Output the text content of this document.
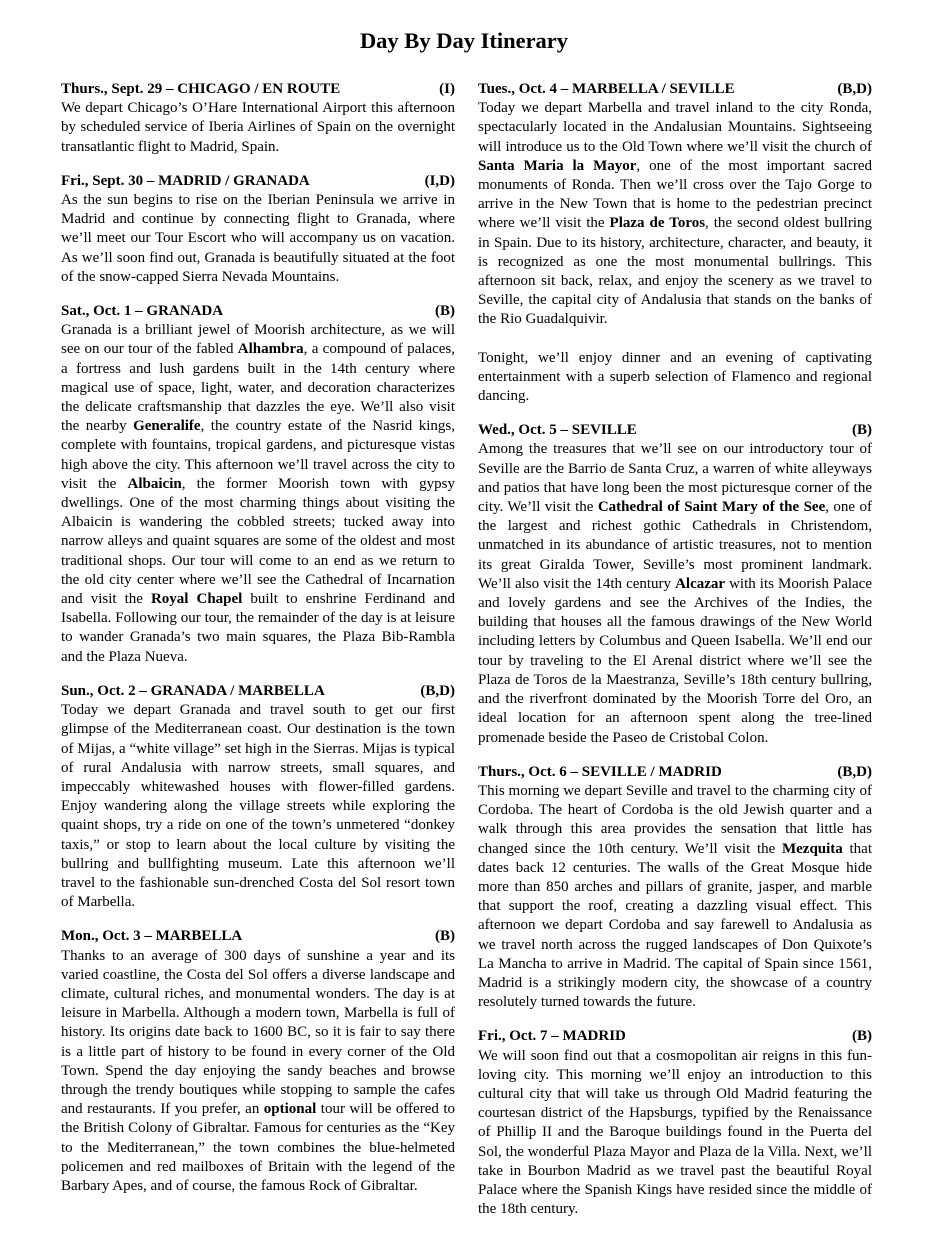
Day By Day Itinerary
Thurs., Sept. 29 – CHICAGO / EN ROUTE	(I)

We depart Chicago’s O’Hare International Airport this afternoon by scheduled service of Iberia Airlines of Spain on the overnight transatlantic flight to Madrid, Spain.

Fri., Sept. 30 – MADRID / GRANADA	(I,D)

As the sun begins to rise on the Iberian Peninsula we arrive in Madrid and continue by connecting flight to Granada, where we’ll meet our Tour Escort who will accompany us on vacation. As we’ll soon find out, Granada is beautifully situated at the foot of the snow-capped Sierra Nevada Mountains.

Sat., Oct. 1 – GRANADA	(B)

Granada is a brilliant jewel of Moorish architecture, as we will see on our tour of the fabled Alhambra, a compound of palaces, a fortress and lush gardens built in the 14th century where magical use of space, light, water, and decoration characterizes the delicate craftsmanship that dazzles the eye. We’ll also visit the nearby Generalife, the country estate of the Nasrid kings, complete with fountains, tropical gardens, and picturesque vistas high above the city. This afternoon we’ll travel across the city to visit the Albaicin, the former Moorish town with gypsy dwellings. One of the most charming things about visiting the Albaicin is wandering the cobbled streets; tucked away into narrow alleys and quaint squares are some of the oldest and most traditional shops. Our tour will come to an end as we return to the old city center where we’ll see the Cathedral of Incarnation and visit the Royal Chapel built to enshrine Ferdinand and Isabella. Following our tour, the remainder of the day is at leisure to wander Granada’s two main squares, the Plaza Bib-Rambla and the Plaza Nueva.

Sun., Oct. 2 – GRANADA / MARBELLA	(B,D)

Today we depart Granada and travel south to get our first glimpse of the Mediterranean coast. Our destination is the town of Mijas, a “white village” set high in the Sierras. Mijas is typical of rural Andalusia with narrow streets, small squares, and impeccably whitewashed houses with flower-filled gardens. Enjoy wandering along the village streets while exploring the quaint shops, try a ride on one of the town’s unmetered “donkey taxis,” or stop to learn about the local culture by visiting the bullring and bullfighting museum. Late this afternoon we’ll travel to the fashionable sun-drenched Costa del Sol resort town of Marbella.

Mon., Oct. 3 – MARBELLA	(B)

Thanks to an average of 300 days of sunshine a year and its varied coastline, the Costa del Sol offers a diverse landscape and climate, cultural riches, and monumental wonders. The day is at leisure in Marbella. Although a modern town, Marbella is full of history. Its origins date back to 1600 BC, so it is fair to say there is a little part of history to be found in every corner of the Old Town. Spend the day enjoying the sandy beaches and browse through the trendy boutiques while stopping to sample the cafes and restaurants. If you prefer, an optional tour will be offered to the British Colony of Gibraltar. Famous for centuries as the “Key to the Mediterranean,” the town combines the blue-helmeted policemen and red mailboxes of Britain with the legend of the Barbary Apes, and of course, the famous Rock of Gibraltar.

Tues., Oct. 4 – MARBELLA / SEVILLE	(B,D)

Today we depart Marbella and travel inland to the city Ronda, spectacularly located in the Andalusian Mountains. Sightseeing will introduce us to the Old Town where we’ll visit the church of Santa Maria la Mayor, one of the most important sacred monuments of Ronda. Then we’ll cross over the Tajo Gorge to arrive in the New Town that is home to the pedestrian precinct where we’ll visit the Plaza de Toros, the second oldest bullring in Spain. Due to its history, architecture, character, and beauty, it is recognized as one the most monumental bullrings. This afternoon sit back, relax, and enjoy the scenery as we travel to Seville, the capital city of Andalusia that stands on the banks of the Rio Guadalquivir.

Tonight, we’ll enjoy dinner and an evening of captivating entertainment with a superb selection of Flamenco and regional dancing.

Wed., Oct. 5 – SEVILLE	(B)

Among the treasures that we’ll see on our introductory tour of Seville are the Barrio de Santa Cruz, a warren of white alleyways and patios that have long been the most picturesque corner of the city. We’ll visit the Cathedral of Saint Mary of the See, one of the largest and richest gothic Cathedrals in Christendom, unmatched in its abundance of artistic treasures, not to mention its great Giralda Tower, Seville’s most prominent landmark. We’ll also visit the 14th century Alcazar with its Moorish Palace and lovely gardens and see the Archives of the Indies, the building that houses all the famous drawings of the New World including letters by Columbus and Queen Isabella. We’ll end our tour by traveling to the El Arenal district where we’ll see the Plaza de Toros de la Maestranza, Seville’s 18th century bullring, and the riverfront dominated by the Moorish Torre del Oro, an ideal location for an afternoon spent along the tree-lined promenade beside the Paseo de Cristobal Colon.

Thurs., Oct. 6 – SEVILLE / MADRID	(B,D)

This morning we depart Seville and travel to the charming city of Cordoba. The heart of Cordoba is the old Jewish quarter and a walk through this area provides the sensation that little has changed since the 10th century. We’ll visit the Mezquita that dates back 12 centuries. The walls of the Great Mosque hide more than 850 arches and pillars of granite, jasper, and marble that support the roof, creating a dazzling visual effect. This afternoon we depart Cordoba and say farewell to Andalusia as we travel north across the rugged landscapes of Don Quixote’s La Mancha to arrive in Madrid. The capital of Spain since 1561, Madrid is a strikingly modern city, the showcase of a country resolutely turned towards the future.

Fri., Oct. 7 – MADRID	(B)

We will soon find out that a cosmopolitan air reigns in this fun-loving city. This morning we’ll enjoy an introduction to this cultural city that will take us through Old Madrid featuring the courtesan district of the Hapsburgs, typified by the Renaissance of Phillip II and the Baroque buildings found in the Puerta del Sol, the wonderful Plaza Mayor and Plaza de la Villa. Next, we’ll take in Bourbon Madrid as we travel past the beautiful Royal Palace where the Spanish Kings have resided since the middle of the 18th century.
